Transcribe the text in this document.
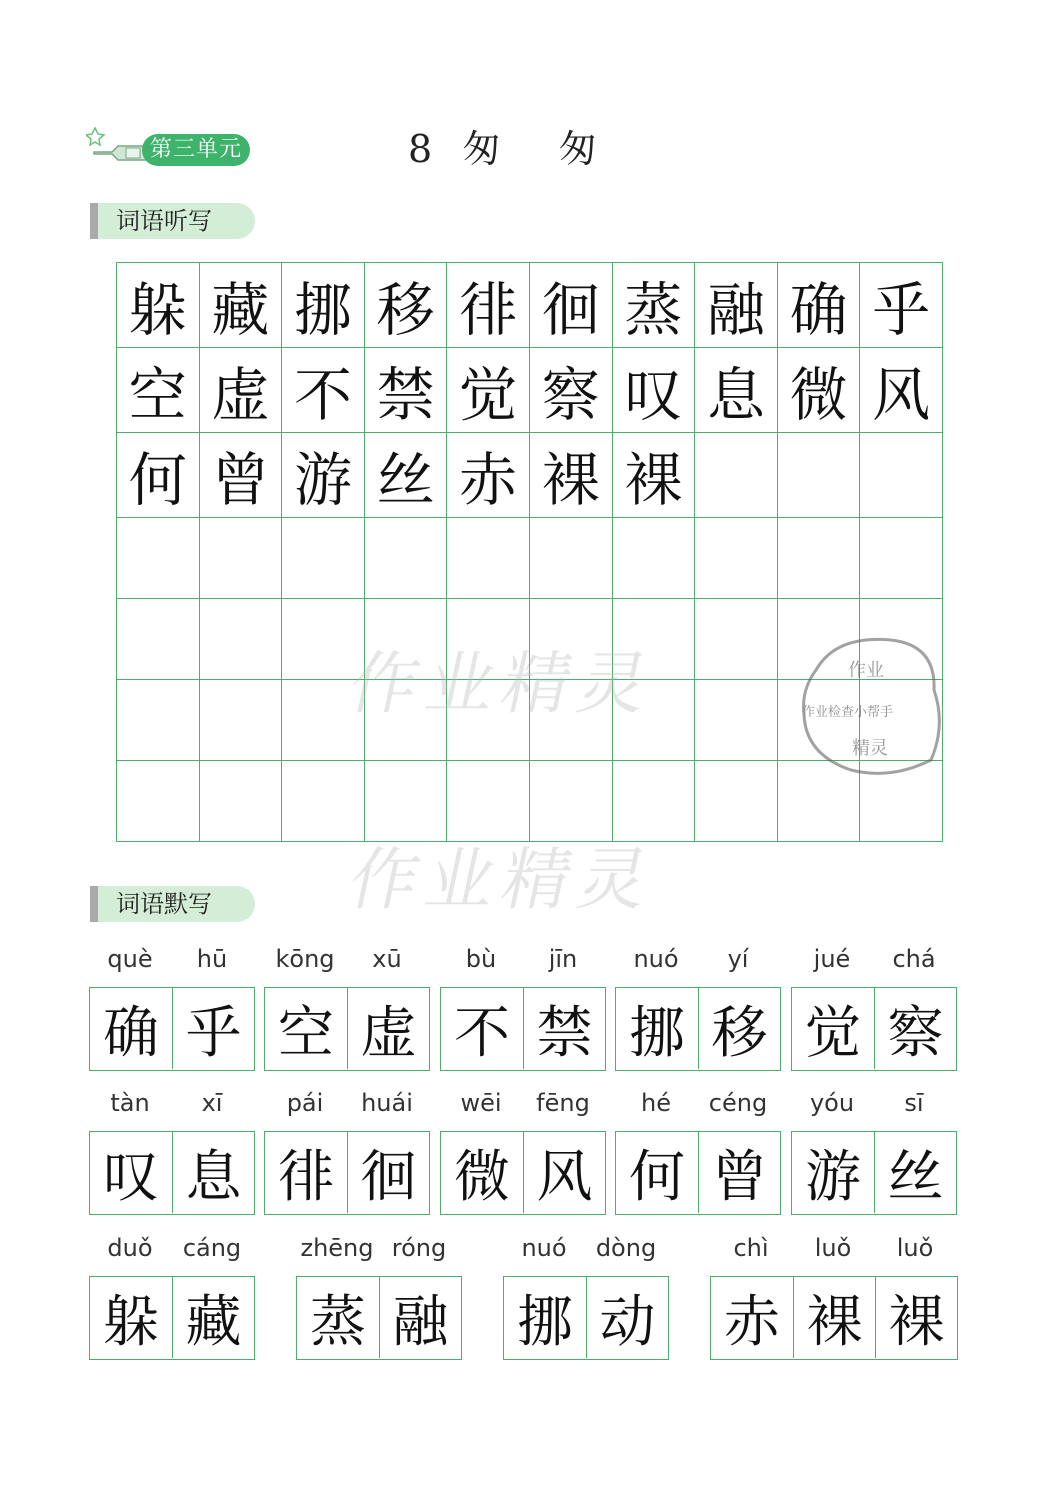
第三单元	8  匆    匆
词语听写
躲 藏 挪 移 徘 徊 蒸 融 确 乎
空 虚 不 禁 觉 察 叹 息 微 风
何 曾 游 丝 赤 裸 裸
作业精灵
作业精灵
作业
作业检查小帮手
精灵
词语默写
què	hū
确 乎
kōng	xū
空 虚
bù	jīn
不 禁
nuó	yí
挪 移
jué	chá
觉 察
tàn	xī
叹 息
pái	huái
徘 徊
wēi	fēng
微 风
hé	céng
何 曾
yóu	sī
游 丝
duǒ	cáng
躲 藏
zhēng róng
蒸 融
nuó	dòng
挪 动
chì	luǒ	luǒ
赤 裸 裸
